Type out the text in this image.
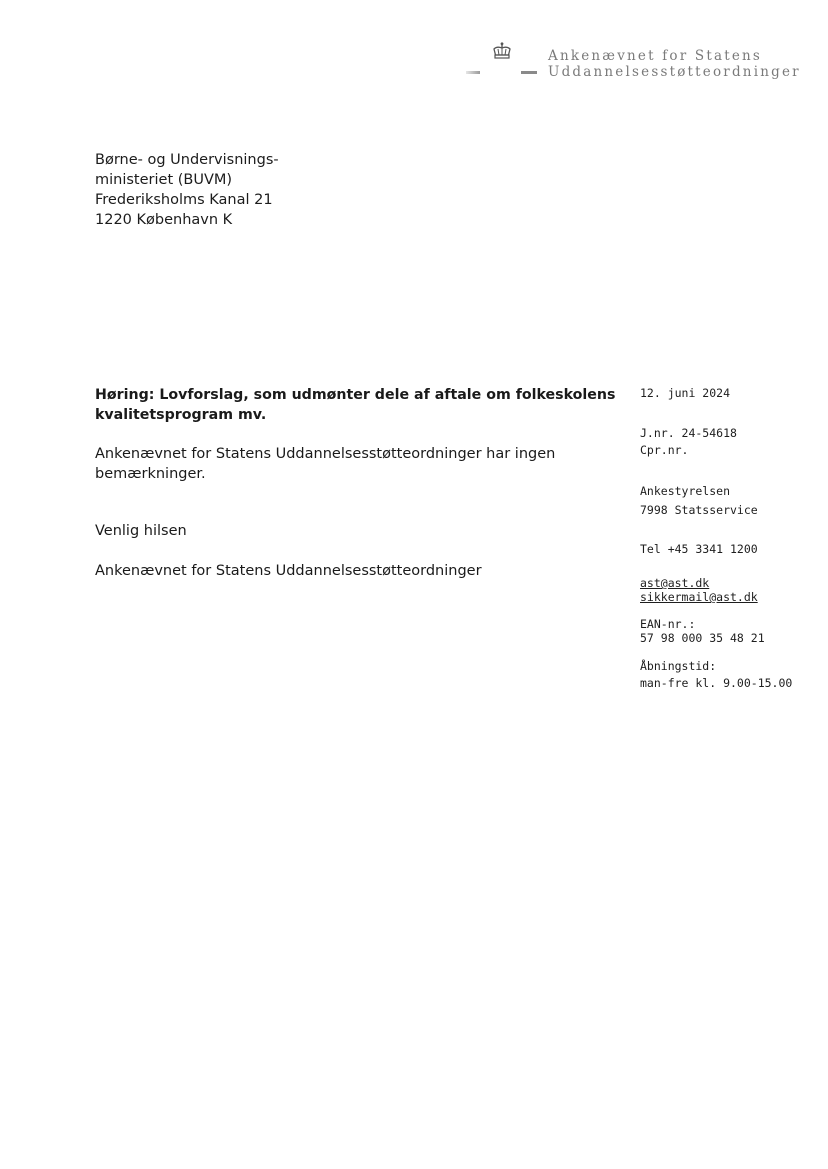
Ankenævnet for Statens
Uddannelsesstøtteordninger
Børne- og Undervisnings-
ministeriet (BUVM)
Frederiksholms Kanal 21
1220 København K
Høring: Lovforslag, som udmønter dele af aftale om folkeskolens kvalitetsprogram mv.
Ankenævnet for Statens Uddannelsesstøtteordninger har ingen bemærkninger.
Venlig hilsen
Ankenævnet for Statens Uddannelsesstøtteordninger
12. juni 2024
J.nr. 24-54618
Cpr.nr.
Ankestyrelsen
7998 Statsservice
Tel +45 3341 1200
ast@ast.dk
sikkermail@ast.dk
EAN-nr.:
57 98 000 35 48 21
Åbningstid:
man-fre kl. 9.00-15.00
